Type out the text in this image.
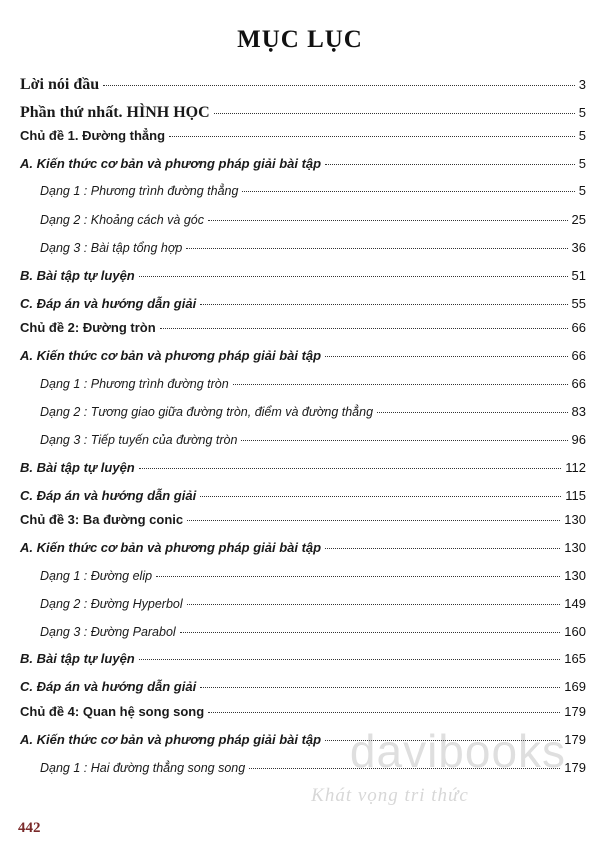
MỤC LỤC
Lời nói đầu	3
Phần thứ nhất. HÌNH HỌC	5
Chủ đề 1. Đường thẳng	5
A. Kiến thức cơ bản và phương pháp giải bài tập	5
Dạng 1 : Phương trình đường thẳng	5
Dạng 2 : Khoảng cách và góc	25
Dạng 3 : Bài tập tổng hợp	36
B. Bài tập tự luyện	51
C. Đáp án và hướng dẫn giải	55
Chủ đề 2: Đường tròn	66
A. Kiến thức cơ bản và phương pháp giải bài tập	66
Dạng 1 : Phương trình đường tròn	66
Dạng 2 : Tương giao giữa đường tròn, điểm và đường thẳng	83
Dạng 3 : Tiếp tuyến của đường tròn	96
B. Bài tập tự luyện	112
C. Đáp án và hướng dẫn giải	115
Chủ đề 3: Ba đường conic	130
A. Kiến thức cơ bản và phương pháp giải bài tập	130
Dạng 1 : Đường elip	130
Dạng 2 : Đường Hyperbol	149
Dạng 3 : Đường Parabol	160
B. Bài tập tự luyện	165
C. Đáp án và hướng dẫn giải	169
Chủ đề 4: Quan hệ song song	179
A. Kiến thức cơ bản và phương pháp giải bài tập	179
Dạng 1 : Hai đường thẳng song song	179
davibooks
Khát vọng tri thức
442
